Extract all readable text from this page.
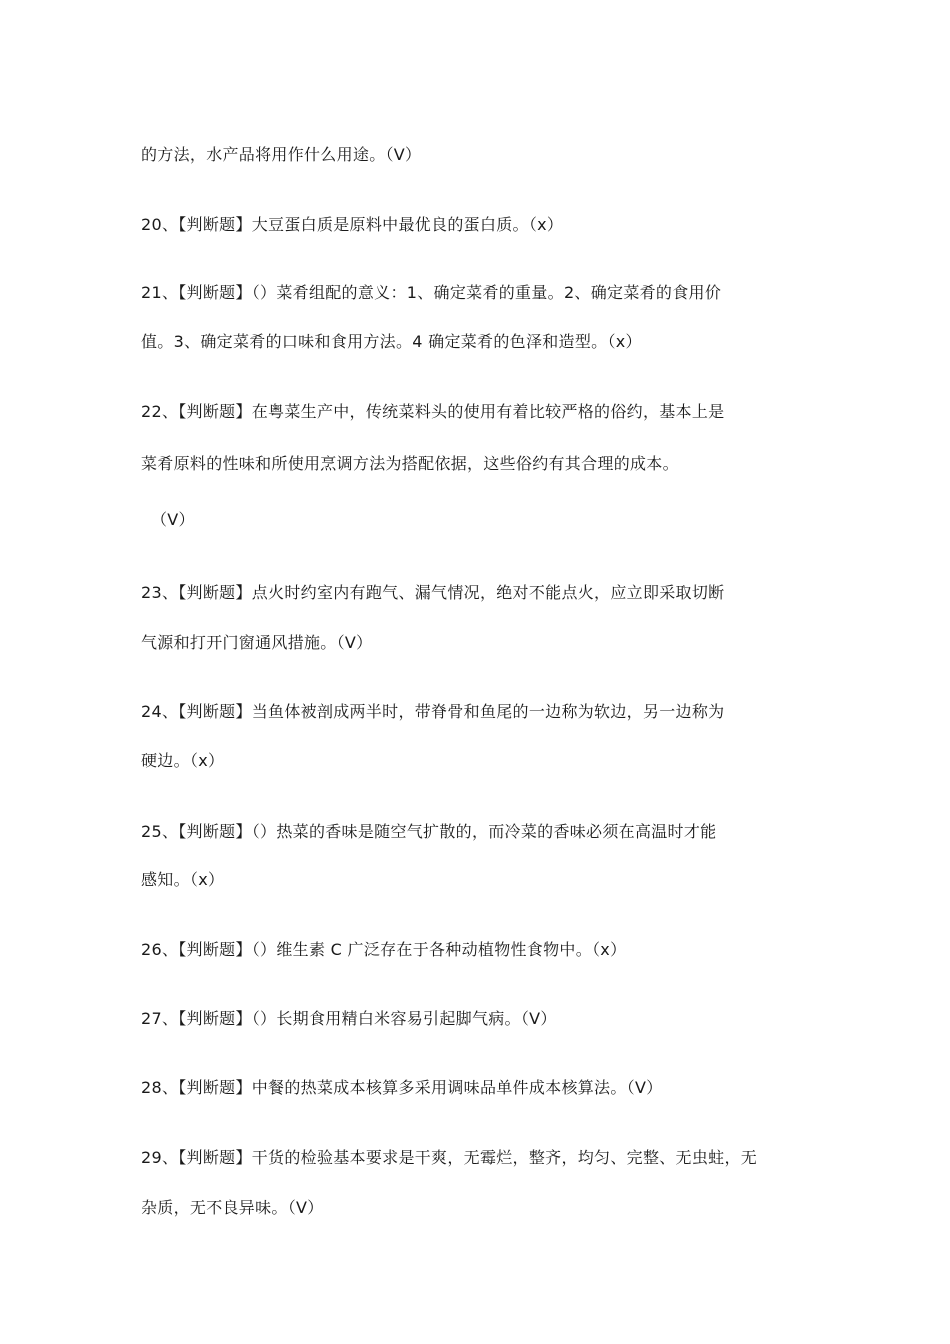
的方法，水产品将用作什么用途。（V）

20、【判断题】大豆蛋白质是原料中最优良的蛋白质。（x）

21、【判断题】（）菜肴组配的意义：1、确定菜肴的重量。2、确定菜肴的食用价

值。3、确定菜肴的口味和食用方法。4 确定菜肴的色泽和造型。（x）

22、【判断题】在粤菜生产中，传统菜料头的使用有着比较严格的俗约，基本上是

菜肴原料的性味和所使用烹调方法为搭配依据，这些俗约有其合理的成本。

（V）

23、【判断题】点火时约室内有跑气、漏气情况，绝对不能点火，应立即采取切断

气源和打开门窗通风措施。（V）

24、【判断题】当鱼体被剖成两半时，带脊骨和鱼尾的一边称为软边，另一边称为

硬边。（x）

25、【判断题】（）热菜的香味是随空气扩散的，而冷菜的香味必须在高温时才能

感知。（x）

26、【判断题】（）维生素 C 广泛存在于各种动植物性食物中。（x）

27、【判断题】（）长期食用精白米容易引起脚气病。（V）

28、【判断题】中餐的热菜成本核算多采用调味品单件成本核算法。（V）

29、【判断题】干货的检验基本要求是干爽，无霉烂，整齐，均匀、完整、无虫蛀，无

杂质，无不良异味。（V）
